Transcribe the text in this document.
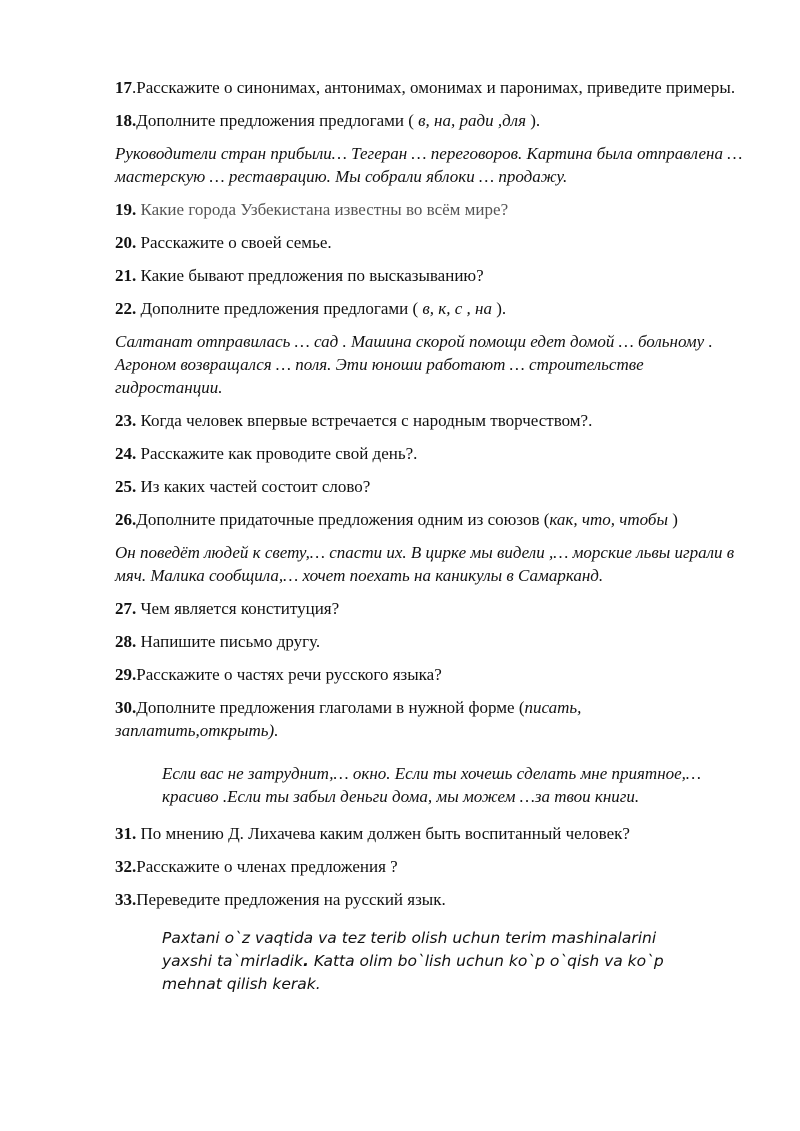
17.Расскажите о синонимах, антонимах, омонимах и паронимах, приведите примеры.

18.Дополните предложения предлогами ( в, на, ради ,для ).

Руководители стран прибыли… Тегеран … переговоров. Картина была отправлена … мастерскую … реставрацию. Мы собрали яблоки … продажу.

19. Какие города Узбекистана известны во всём мире?

20. Расскажите о своей семье.

21. Какие бывают предложения по высказыванию?

22. Дополните предложения предлогами ( в, к, с , на ).

Салтанат отправилась … сад . Машина скорой помощи едет домой … больному . Агроном возвращался … поля. Эти юноши работают … строительстве гидростанции.

23. Когда человек впервые встречается с народным творчеством?.

24. Расскажите как проводите свой день?.

25. Из каких частей состоит слово?

26.Дополните придаточные предложения одним из союзов (как, что, чтобы )

Он поведёт людей к свету,… спасти их. В цирке мы видели ,… морские львы играли в мяч. Малика сообщила,… хочет поехать на каникулы в Самарканд.

27. Чем является конституция?

28. Напишите письмо другу.

29.Расскажите о частях речи русского языка?

30.Дополните предложения глаголами в нужной форме (писать, заплатить,открыть).

Если вас не затруднит,… окно. Если ты хочешь сделать мне приятное,… красиво .Если ты забыл деньги дома, мы можем …за твои книги.

31. По мнению Д. Лихачева каким должен быть воспитанный человек?

32.Расскажите о членах предложения ?

33.Переведите предложения на русский язык.

Paxtani o`z vaqtida va tez terib olish uchun terim mashinalarini yaxshi ta`mirladik. Katta olim bo`lish uchun ko`p o`qish va ko`p mehnat qilish kerak.
